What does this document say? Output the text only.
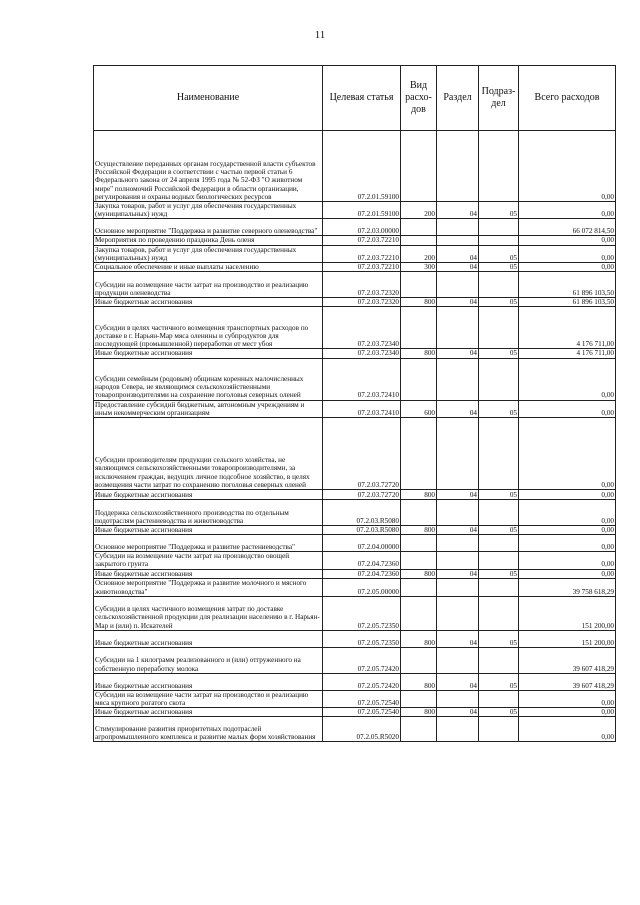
11
Наименование	Целевая статья	Вид расхо-дов	Раздел	Подраз-дел	Всего расходов
Осуществление переданных органам государственной власти субъектов Российской Федерации в соответствии с частью первой статьи 6 Федерального закона от 24 апреля 1995 года № 52-ФЗ "О животном мире" полномочий Российской Федерации в области организации, регулирования и охраны водных биологических ресурсов	07.2.01.59100				0,00
Закупка товаров, работ и услуг для обеспечения государственных (муниципальных) нужд	07.2.01.59100	200	04	05	0,00
Основное мероприятие "Поддержка и развитие северного оленеводства"	07.2.03.00000				66 072 814,50
Мероприятия по проведению праздника День оленя	07.2.03.72210				0,00
Закупка товаров, работ и услуг для обеспечения государственных (муниципальных) нужд	07.2.03.72210	200	04	05	0,00
Социальное обеспечение и иные выплаты населению	07.2.03.72210	300	04	05	0,00
Субсидии на возмещение части затрат на производство и реализацию продукции оленеводства	07.2.03.72320				61 896 103,50
Иные бюджетные ассигнования	07.2.03.72320	800	04	05	61 896 103,50
Субсидии в целях частичного возмещения транспортных расходов по доставке в г. Нарьян-Мар мяса оленины и субпродуктов для последующей (промышленной) переработки от мест убоя	07.2.03.72340				4 176 711,00
Иные бюджетные ассигнования	07.2.03.72340	800	04	05	4 176 711,00
Субсидии семейным (родовым) общинам коренных малочисленных народов Севера, не являющимся сельскохозяйственными товаропроизводителями на сохранение поголовья северных оленей	07.2.03.72410				0,00
Предоставление субсидий бюджетным, автономным учреждениям и иным некоммерческим организациям	07.2.03.72410	600	04	05	0,00
Субсидии производителям продукции сельского хозяйства, не являющимся сельскохозяйственными товаропроизводителями, за исключением граждан, ведущих личное подсобное хозяйство, в целях возмещения части затрат по сохранению поголовья северных оленей	07.2.03.72720				0,00
Иные бюджетные ассигнования	07.2.03.72720	800	04	05	0,00
Поддержка сельскохозяйственного производства по отдельным подотраслям растениеводства и животноводства	07.2.03.R5080				0,00
Иные бюджетные ассигнования	07.2.03.R5080	800	04	05	0,00
Основное мероприятие "Поддержка и развитие растениеводства"	07.2.04.00000				0,00
Субсидии на возмещение части затрат на производство овощей закрытого грунта	07.2.04.72360				0,00
Иные бюджетные ассигнования	07.2.04.72360	800	04	05	0,00
Основное мероприятие "Поддержка и развитие молочного и мясного животноводства"	07.2.05.00000				39 758 618,29
Субсидии в целях частичного возмещения затрат по доставке сельскохозяйственной продукции для реализации населению в г. Нарьян-Мар и (или) п. Искателей	07.2.05.72350				151 200,00
Иные бюджетные ассигнования	07.2.05.72350	800	04	05	151 200,00
Субсидии на 1 килограмм реализованного и (или) отгруженного на собственную переработку молока	07.2.05.72420				39 607 418,29
Иные бюджетные ассигнования	07.2.05.72420	800	04	05	39 607 418,29
Субсидии на возмещение части затрат на производство и реализацию мяса крупного рогатого скота	07.2.05.72540				0,00
Иные бюджетные ассигнования	07.2.05.72540	800	04	05	0,00
Стимулирование развития приоритетных подотраслей агропромышленного комплекса и развитие малых форм хозяйствования	07.2.05.R5020				0,00
